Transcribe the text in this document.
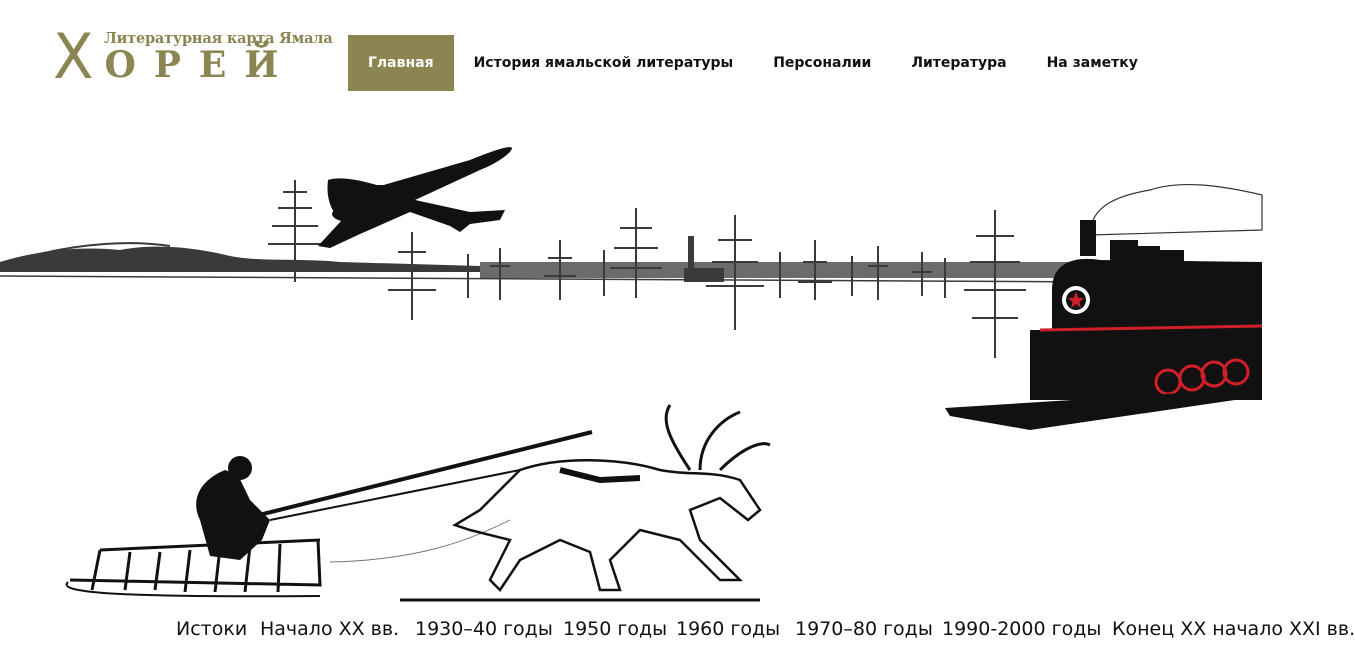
Х ОРЕЙ
Литературная карта Ямала
Главная	История ямальской литературы	Персоналии	Литература	На заметку
Истоки Начало XX вв. 1930–40 годы 1950 годы 1960 годы 1970–80 годы 1990-2000 годы Конец XX начало XXI вв.
